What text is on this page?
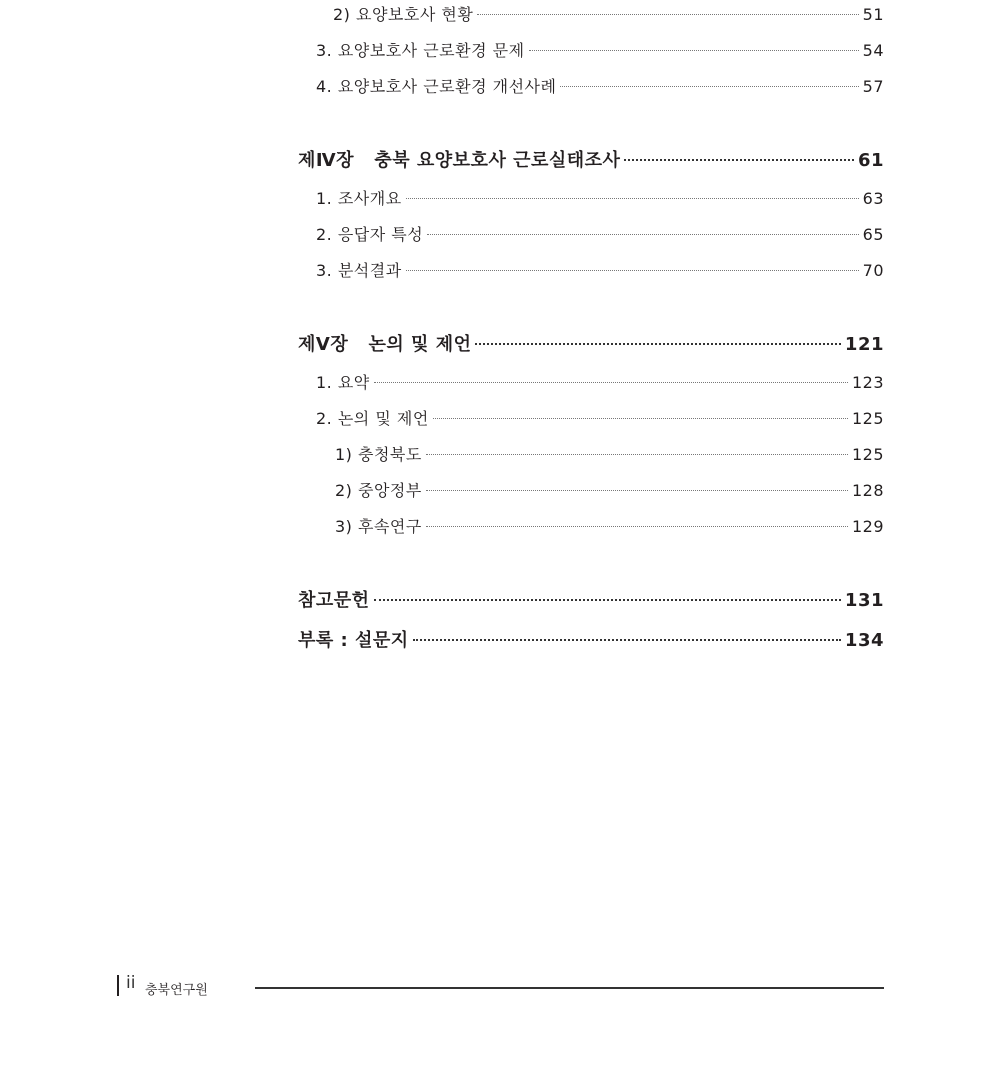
2) 요양보호사 현황	51
3. 요양보호사 근로환경 문제	54
4. 요양보호사 근로환경 개선사례	57
제Ⅳ장   충북 요양보호사 근로실태조사	61
1. 조사개요	63
2. 응답자 특성	65
3. 분석결과	70
제Ⅴ장   논의 및 제언	121
1. 요약	123
2. 논의 및 제언	125
1) 충청북도	125
2) 중앙정부	128
3) 후속연구	129
참고문헌	131
부록 : 설문지	134
ii 충북연구원
